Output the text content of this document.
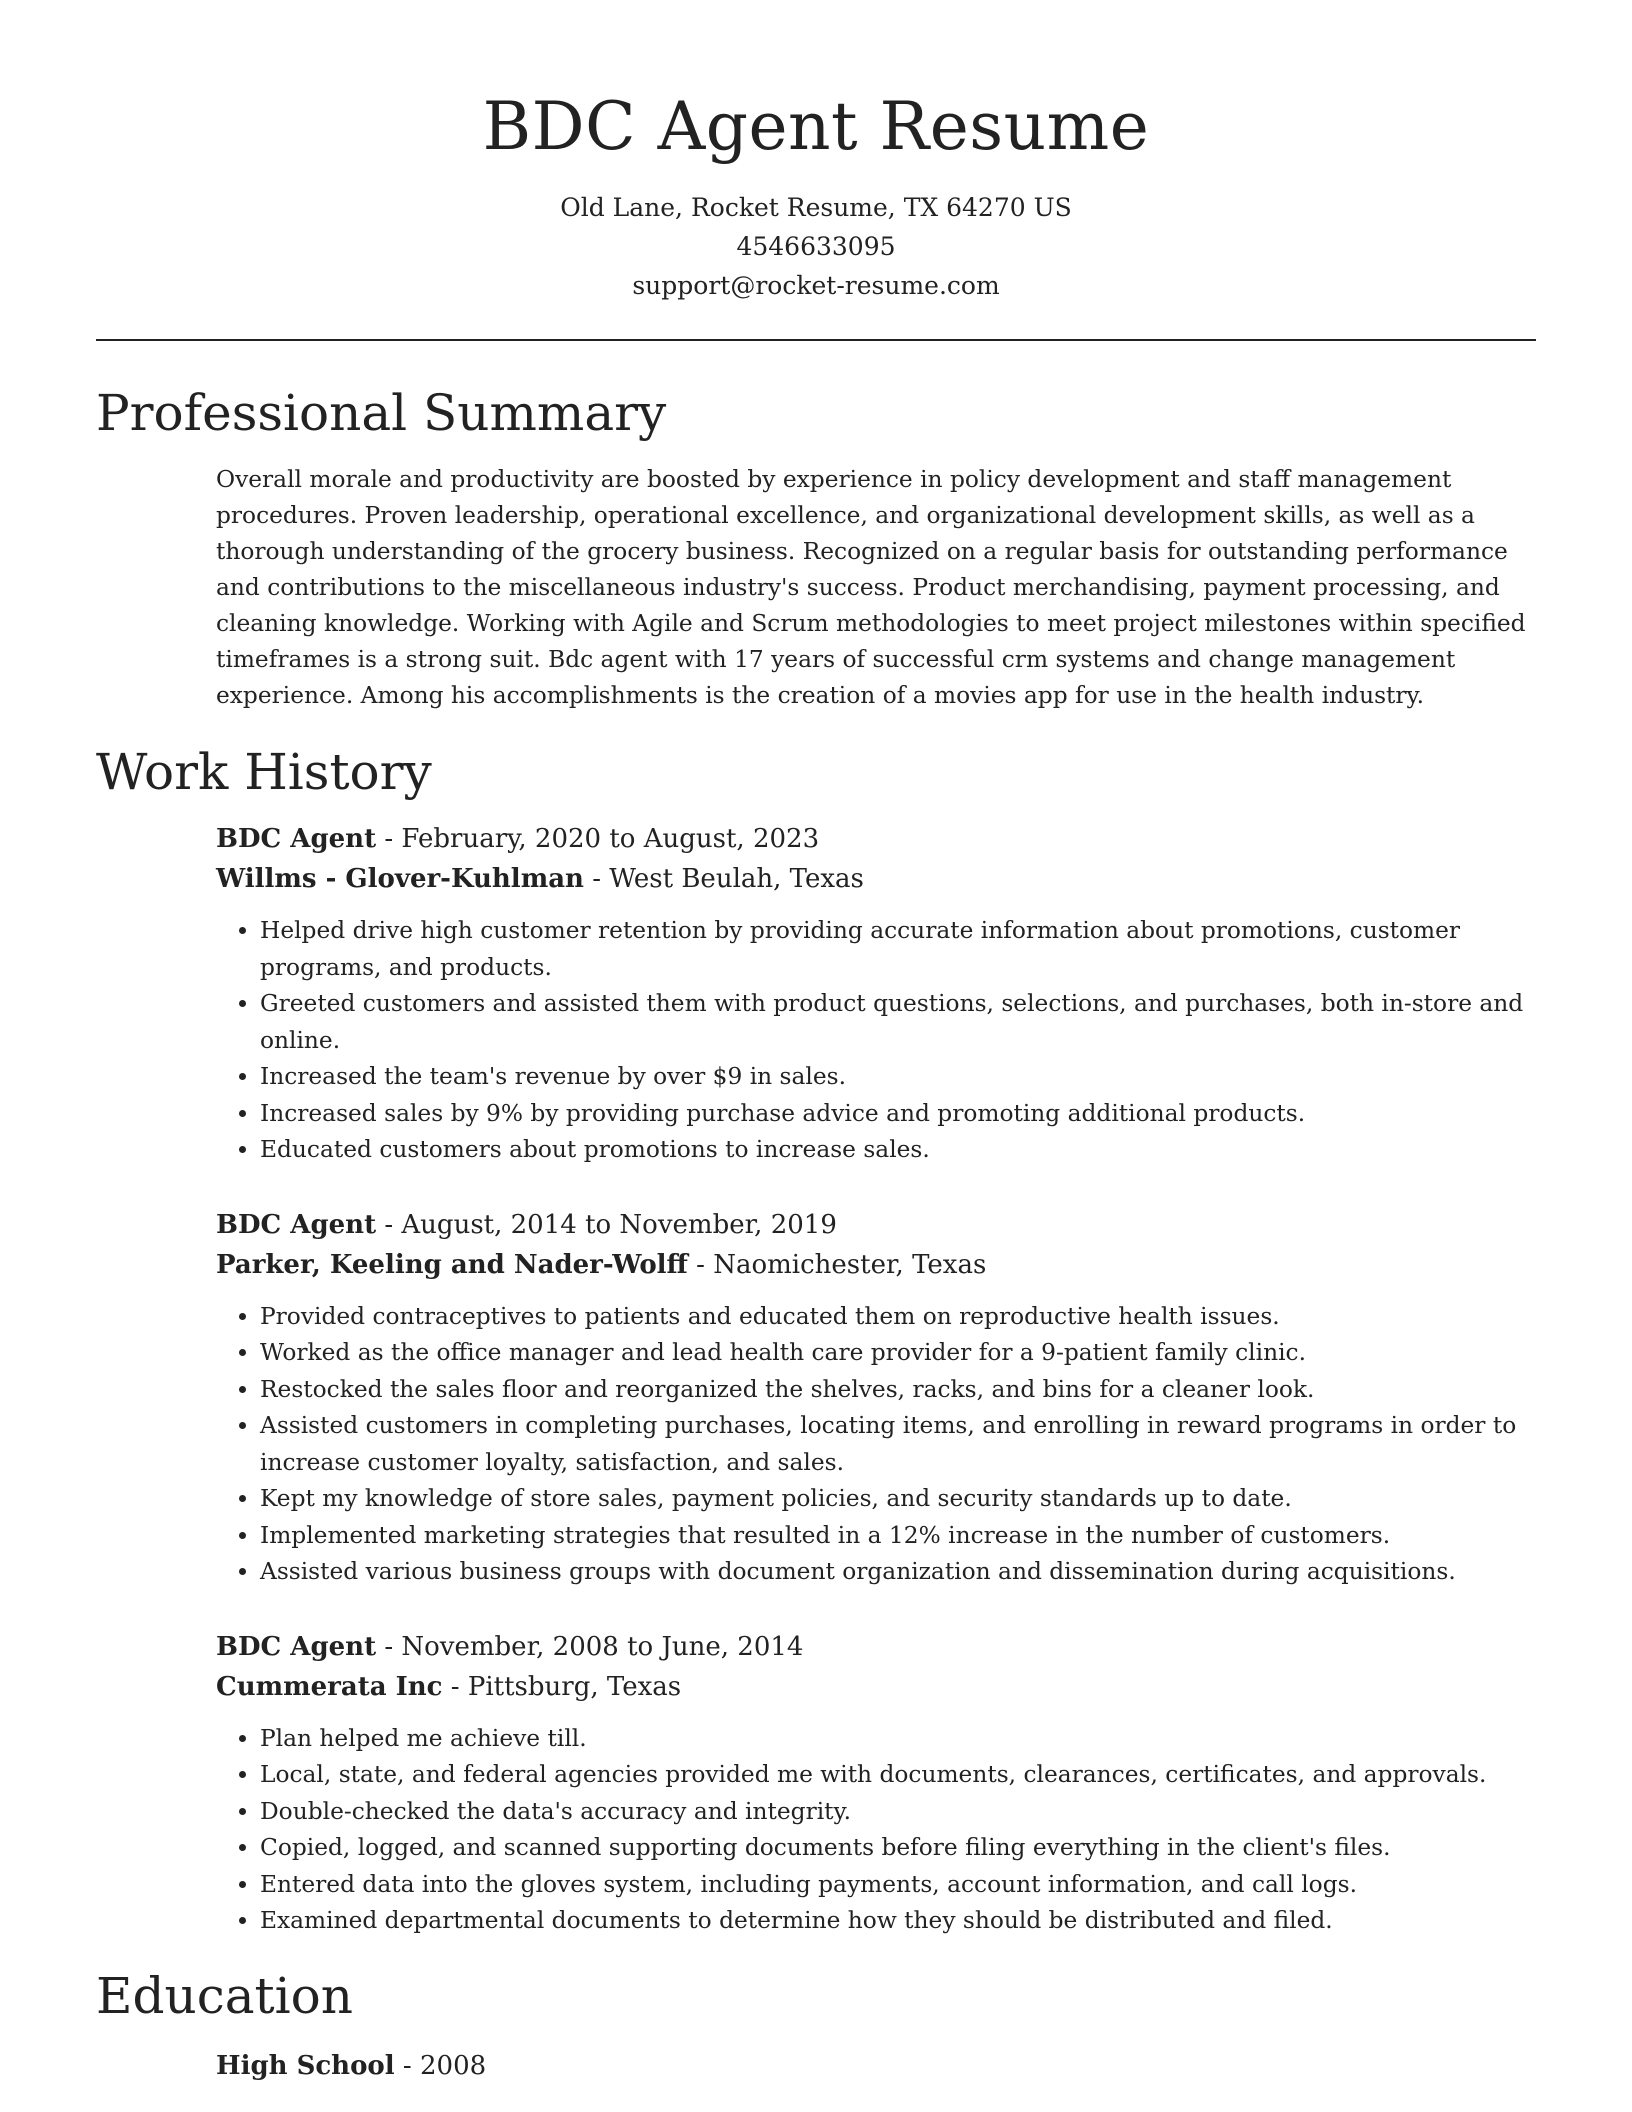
BDC Agent Resume
Old Lane, Rocket Resume, TX 64270 US
4546633095
support@rocket-resume.com
Professional Summary

Overall morale and productivity are boosted by experience in policy development and staff management procedures. Proven leadership, operational excellence, and organizational development skills, as well as a thorough understanding of the grocery business. Recognized on a regular basis for outstanding performance and contributions to the miscellaneous industry's success. Product merchandising, payment processing, and cleaning knowledge. Working with Agile and Scrum methodologies to meet project milestones within specified timeframes is a strong suit. Bdc agent with 17 years of successful crm systems and change management experience. Among his accomplishments is the creation of a movies app for use in the health industry.

Work History

BDC Agent - February, 2020 to August, 2023

Willms - Glover-Kuhlman - West Beulah, Texas

• Helped drive high customer retention by providing accurate information about promotions, customer programs, and products.
• Greeted customers and assisted them with product questions, selections, and purchases, both in-store and online.
• Increased the team's revenue by over $9 in sales.
• Increased sales by 9% by providing purchase advice and promoting additional products.
• Educated customers about promotions to increase sales.

BDC Agent - August, 2014 to November, 2019

Parker, Keeling and Nader-Wolff - Naomichester, Texas

• Provided contraceptives to patients and educated them on reproductive health issues.
• Worked as the office manager and lead health care provider for a 9-patient family clinic.
• Restocked the sales floor and reorganized the shelves, racks, and bins for a cleaner look.
• Assisted customers in completing purchases, locating items, and enrolling in reward programs in order to increase customer loyalty, satisfaction, and sales.
• Kept my knowledge of store sales, payment policies, and security standards up to date.
• Implemented marketing strategies that resulted in a 12% increase in the number of customers.
• Assisted various business groups with document organization and dissemination during acquisitions.

BDC Agent - November, 2008 to June, 2014

Cummerata Inc - Pittsburg, Texas

• Plan helped me achieve till.
• Local, state, and federal agencies provided me with documents, clearances, certificates, and approvals.
• Double-checked the data's accuracy and integrity.
• Copied, logged, and scanned supporting documents before filing everything in the client's files.
• Entered data into the gloves system, including payments, account information, and call logs.
• Examined departmental documents to determine how they should be distributed and filed.
Education

High School - 2008
